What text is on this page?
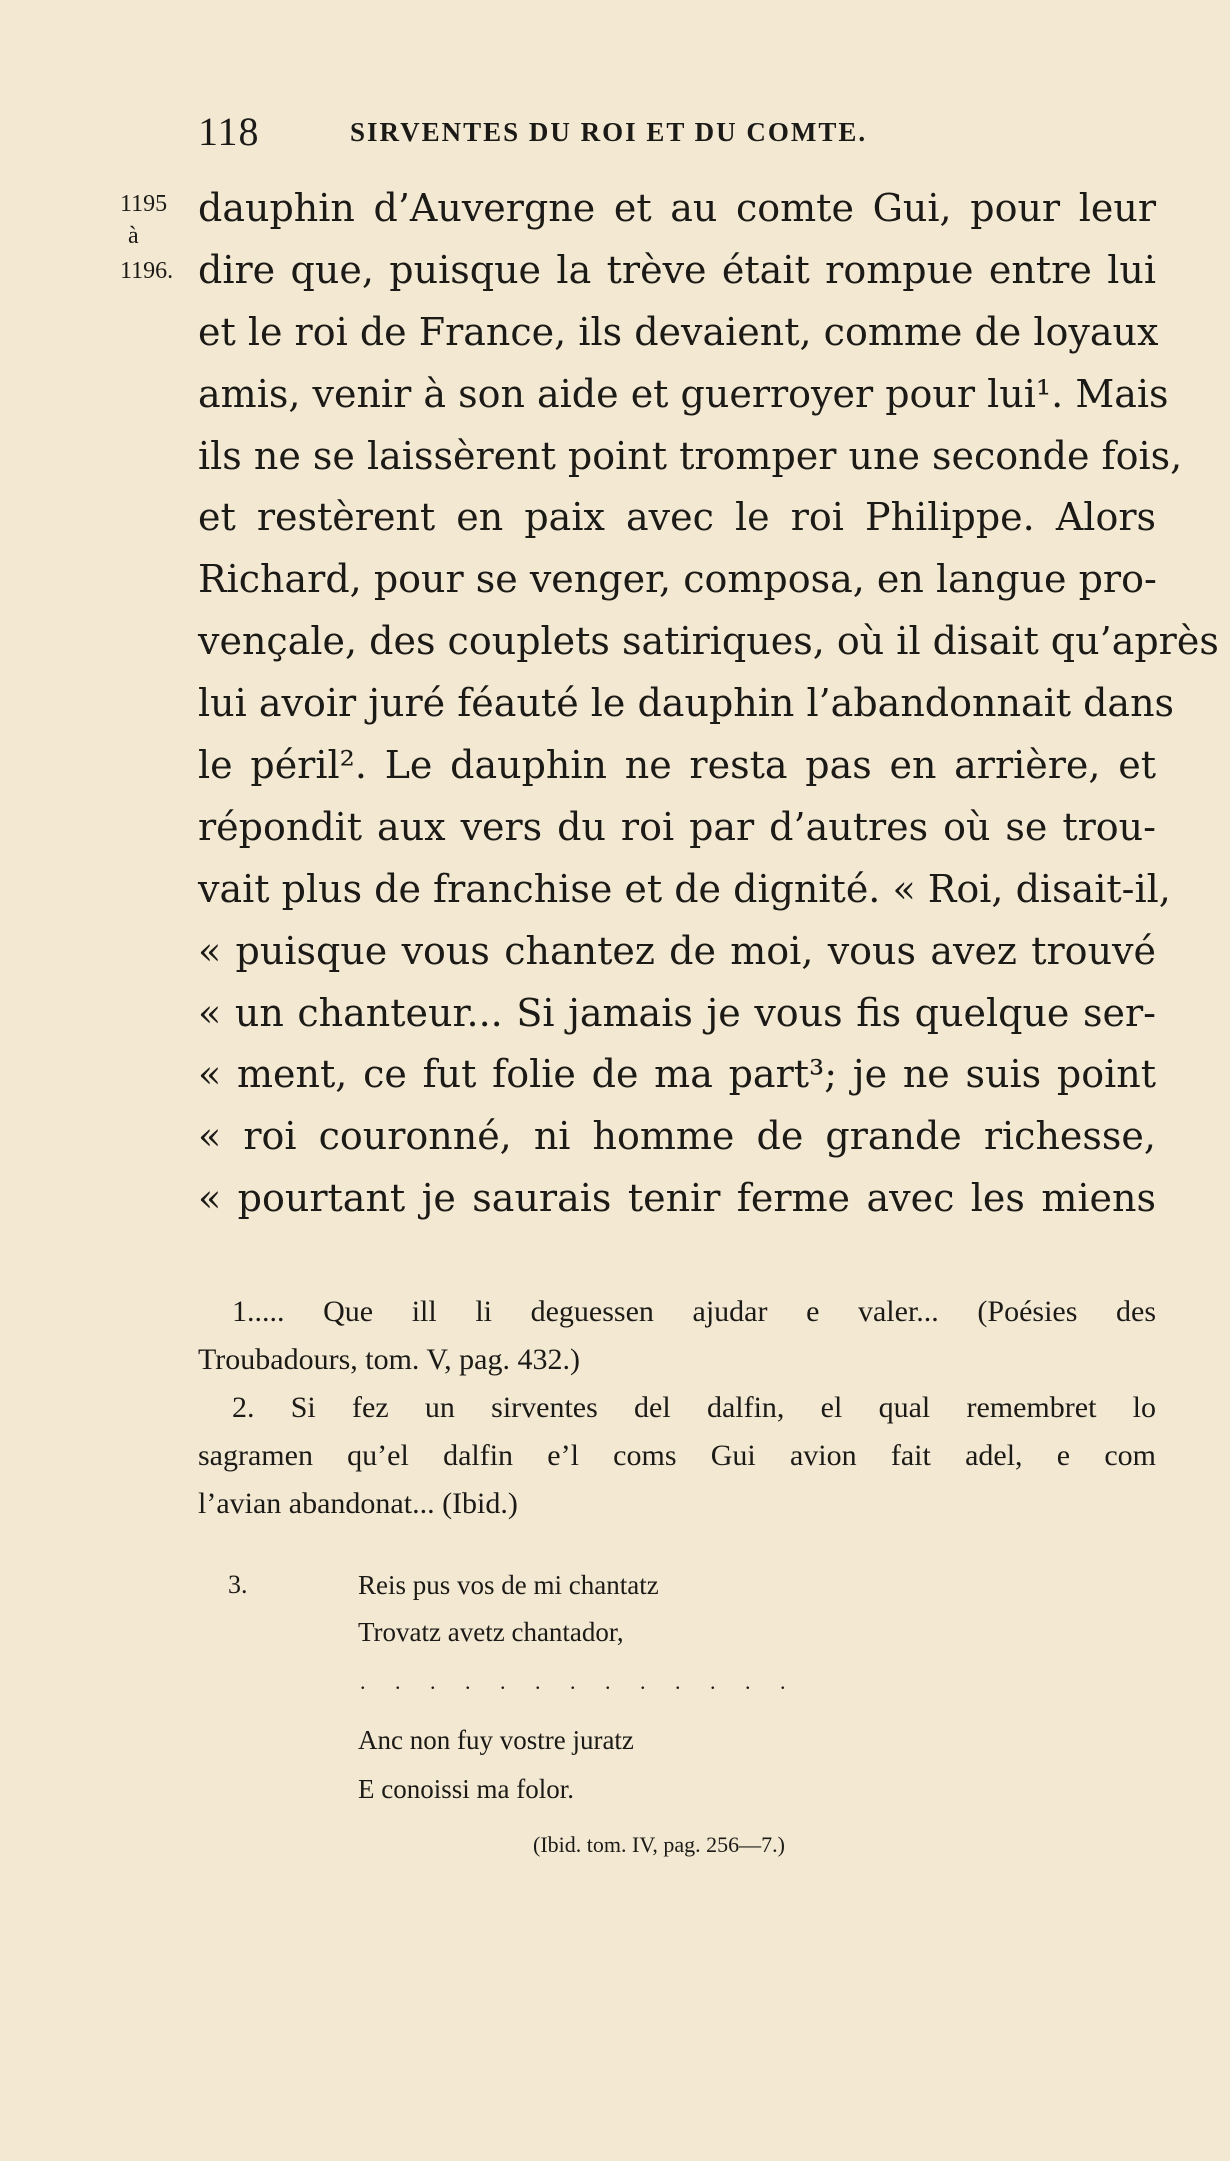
118	SIRVENTES DU ROI ET DU COMTE.
1195
à
1196.
dauphin d’Auvergne et au comte Gui, pour leur
dire que, puisque la trève était rompue entre lui
et le roi de France, ils devaient, comme de loyaux
amis, venir à son aide et guerroyer pour lui¹. Mais
ils ne se laissèrent point tromper une seconde fois,
et restèrent en paix avec le roi Philippe. Alors
Richard, pour se venger, composa, en langue pro-
vençale, des couplets satiriques, où il disait qu’après
lui avoir juré féauté le dauphin l’abandonnait dans
le péril². Le dauphin ne resta pas en arrière, et
répondit aux vers du roi par d’autres où se trou-
vait plus de franchise et de dignité. « Roi, disait-il,
« puisque vous chantez de moi, vous avez trouvé
« un chanteur... Si jamais je vous fis quelque ser-
« ment, ce fut folie de ma part³; je ne suis point
« roi couronné, ni homme de grande richesse,
« pourtant je saurais tenir ferme avec les miens
1..... Que ill li deguessen ajudar e valer... (Poésies des
Troubadours, tom. V, pag. 432.)
2. Si fez un sirventes del dalfin, el qual remembret lo
sagramen qu’el dalfin e’l coms Gui avion fait adel, e com
l’avian abandonat... (Ibid.)
3.	Reis pus vos de mi chantatz
Trovatz avetz chantador,
. . . . . . . . . . . . .
Anc non fuy vostre juratz
E conoissi ma folor.
(Ibid. tom. IV, pag. 256—7.)
